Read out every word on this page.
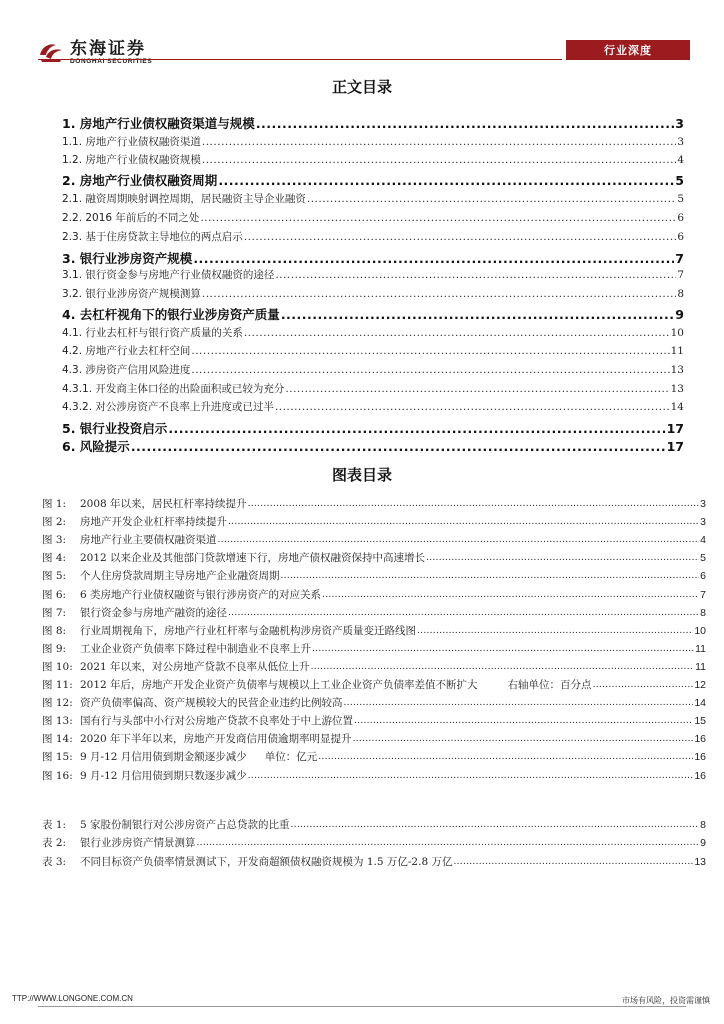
东海证券
DONGHAI SECURITIES
行业深度
正文目录
1. 房地产行业债权融资渠道与规模 .....	3
1.1. 房地产行业债权融资渠道 .....	3
1.2. 房地产行业债权融资规模 .....	4
2. 房地产行业债权融资周期 .....	5
2.1. 融资周期映射调控周期，居民融资主导企业融资 .....	5
2.2. 2016 年前后的不同之处 .....	6
2.3. 基于住房贷款主导地位的两点启示 .....	6
3. 银行业涉房资产规模 .....	7
3.1. 银行资金参与房地产行业债权融资的途径 .....	7
3.2. 银行业涉房资产规模测算 .....	8
4. 去杠杆视角下的银行业涉房资产质量 .....	9
4.1. 行业去杠杆与银行资产质量的关系 .....	10
4.2. 房地产行业去杠杆空间 .....	11
4.3. 涉房资产信用风险进度 .....	13
4.3.1. 开发商主体口径的出险面积或已较为充分 .....	13
4.3.2. 对公涉房资产不良率上升进度或已过半 .....	14
5. 银行业投资启示 .....	17
6. 风险提示 .....	17
图表目录
图 1: 2008 年以来，居民杠杆率持续提升 .....	3
图 2: 房地产开发企业杠杆率持续提升 .....	3
图 3: 房地产行业主要债权融资渠道 .....	4
图 4: 2012 以来企业及其他部门贷款增速下行，房地产债权融资保持中高速增长 .....	5
图 5: 个人住房贷款周期主导房地产企业融资周期 .....	6
图 6: 6 类房地产行业债权融资与银行涉房资产的对应关系 .....	7
图 7: 银行资金参与房地产融资的途径 .....	8
图 8: 行业周期视角下，房地产行业杠杆率与金融机构涉房资产质量变迁路线图 .....	10
图 9: 工业企业资产负债率下降过程中制造业不良率上升 .....	11
图 10: 2021 年以来，对公房地产贷款不良率从低位上升 .....	11
图 11: 2012 年后，房地产开发企业资产负债率与规模以上工业企业资产负债率差值不断扩大	右轴单位：百分点 .....	12
图 12: 资产负债率偏高、资产规模较大的民营企业违约比例较高 .....	14
图 13: 国有行与头部中小行对公房地产贷款不良率处于中上游位置 .....	15
图 14: 2020 年下半年以来，房地产开发商信用债逾期率明显提升 .....	16
图 15: 9 月-12 月信用债到期金额逐步减少 单位：亿元 .....	16
图 16: 9 月-12 月信用债到期只数逐步减少 .....	16
表 1: 5 家股份制银行对公涉房资产占总贷款的比重 .....	8
表 2: 银行业涉房资产情景测算 .....	9
表 3: 不同目标资产负债率情景测试下，开发商超额债权融资规模为 1.5 万亿-2.8 万亿 .....	13
TTP://WWW.LONGONE.COM.CN	市场有风险，投资需谨慎
